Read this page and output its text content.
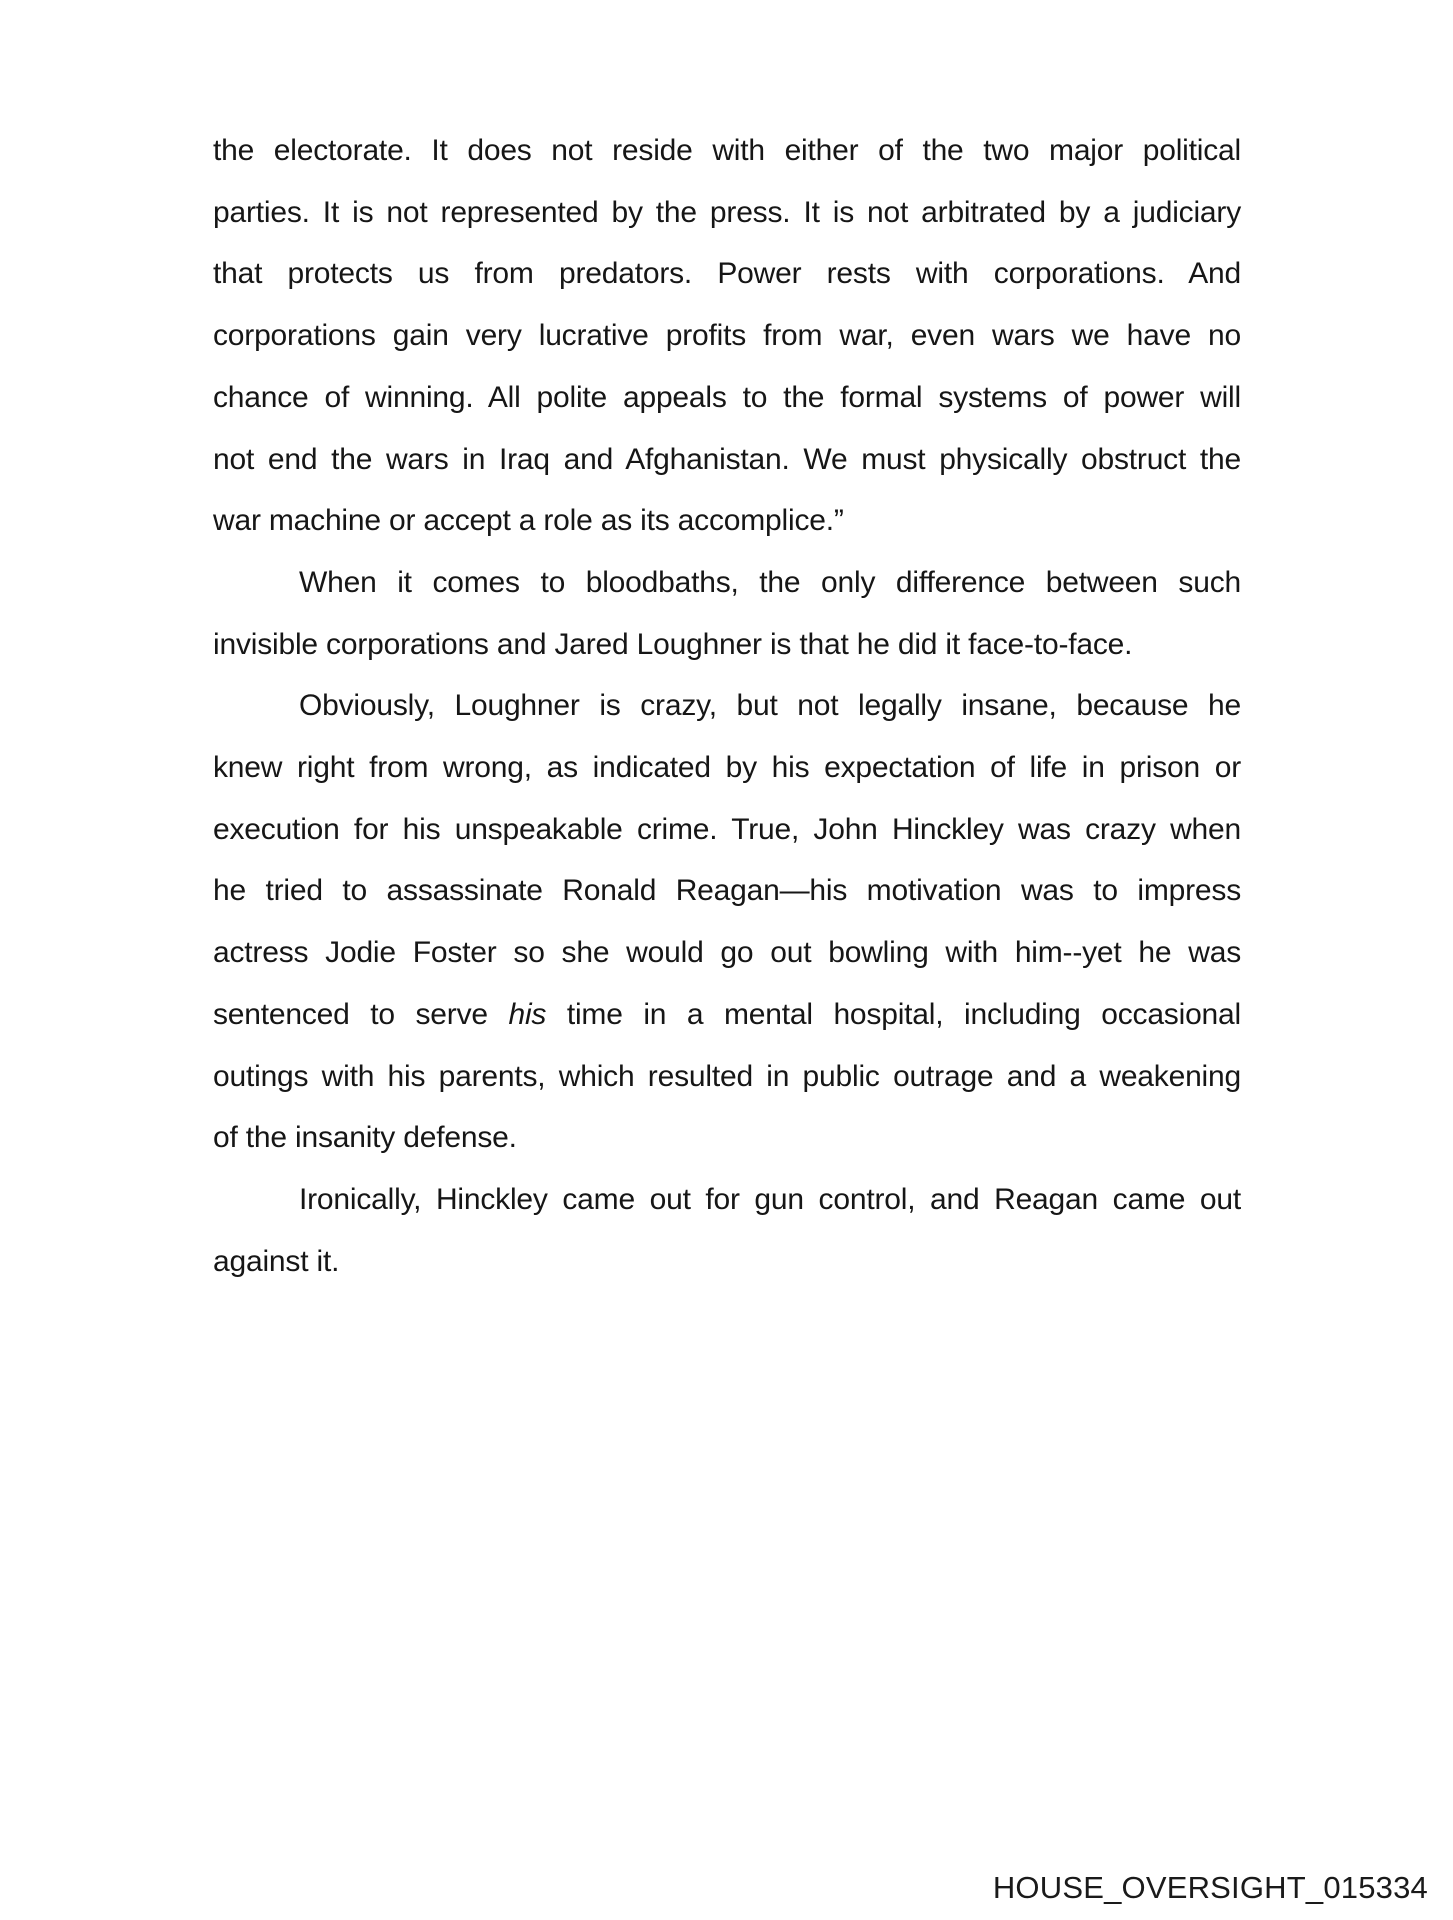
the electorate. It does not reside with either of the two major political
parties. It is not represented by the press. It is not arbitrated by a judiciary
that protects us from predators. Power rests with corporations. And
corporations gain very lucrative profits from war, even wars we have no
chance of winning. All polite appeals to the formal systems of power will
not end the wars in Iraq and Afghanistan. We must physically obstruct the
war machine or accept a role as its accomplice.”

When it comes to bloodbaths, the only difference between such
invisible corporations and Jared Loughner is that he did it face-to-face.

Obviously, Loughner is crazy, but not legally insane, because he
knew right from wrong, as indicated by his expectation of life in prison or
execution for his unspeakable crime. True, John Hinckley was crazy when
he tried to assassinate Ronald Reagan—his motivation was to impress
actress Jodie Foster so she would go out bowling with him--yet he was
sentenced to serve his time in a mental hospital, including occasional
outings with his parents, which resulted in public outrage and a weakening
of the insanity defense.

Ironically, Hinckley came out for gun control, and Reagan came out
against it.

HOUSE_OVERSIGHT_015334
